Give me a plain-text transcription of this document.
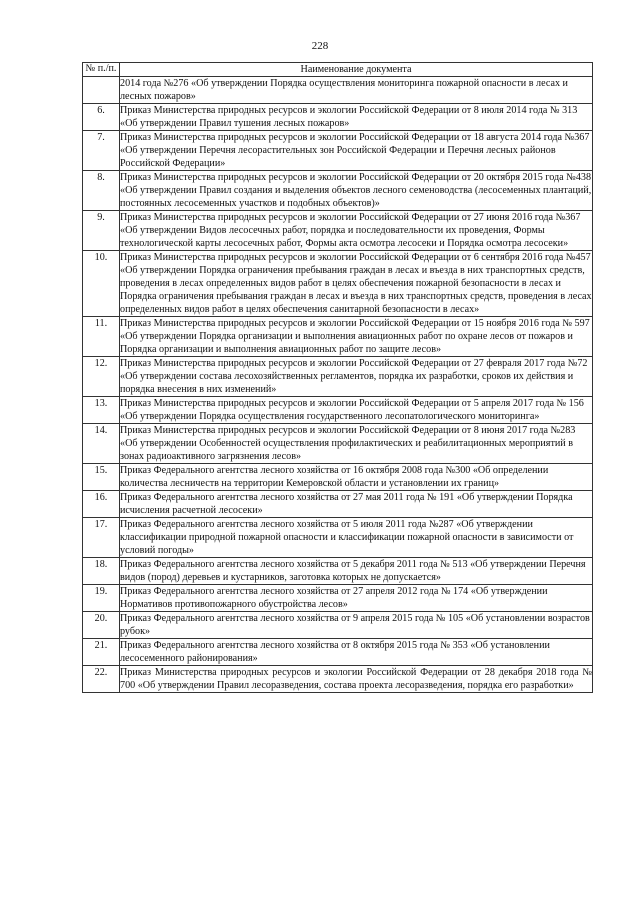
228
№ п./п.	Наименование документа
	2014 года №276 «Об утверждении Порядка осуществления мониторинга пожарной опасности в лесах и лесных пожаров»
6.	Приказ Министерства природных ресурсов и экологии Российской Федерации от 8 июля 2014 года № 313 «Об утверждении Правил тушения лесных пожаров»
7.	Приказ Министерства природных ресурсов и экологии Российской Федерации от 18 августа 2014 года №367 «Об утверждении Перечня лесорастительных зон Российской Федерации и Перечня лесных районов Российской Федерации»
8.	Приказ Министерства природных ресурсов и экологии Российской Федерации от 20 октября 2015 года №438 «Об утверждении Правил создания и выделения объектов лесного семеноводства (лесосеменных плантаций, постоянных лесосеменных участков и подобных объектов)»
9.	Приказ Министерства природных ресурсов и экологии Российской Федерации от 27 июня 2016 года №367 «Об утверждении Видов лесосечных работ, порядка и последовательности их проведения, Формы технологической карты лесосечных работ, Формы акта осмотра лесосеки и Порядка осмотра лесосеки»
10.	Приказ Министерства природных ресурсов и экологии Российской Федерации от 6 сентября 2016 года №457 «Об утверждении Порядка ограничения пребывания граждан в лесах и въезда в них транспортных средств, проведения в лесах определенных видов работ в целях обеспечения пожарной безопасности в лесах и Порядка ограничения пребывания граждан в лесах и въезда в них транспортных средств, проведения в лесах определенных видов работ в целях обеспечения санитарной безопасности в лесах»
11.	Приказ Министерства природных ресурсов и экологии Российской Федерации от 15 ноября 2016 года № 597 «Об утверждении Порядка организации и выполнения авиационных работ по охране лесов от пожаров и Порядка организации и выполнения авиационных работ по защите лесов»
12.	Приказ Министерства природных ресурсов и экологии Российской Федерации от 27 февраля 2017 года №72 «Об утверждении состава лесохозяйственных регламентов, порядка их разработки, сроков их действия и порядка внесения в них изменений»
13.	Приказ Министерства природных ресурсов и экологии Российской Федерации от 5 апреля 2017 года № 156 «Об утверждении Порядка осуществления государственного лесопатологического мониторинга»
14.	Приказ Министерства природных ресурсов и экологии Российской Федерации от 8 июня 2017 года №283 «Об утверждении Особенностей осуществления профилактических и реабилитационных мероприятий в зонах радиоактивного загрязнения лесов»
15.	Приказ Федерального агентства лесного хозяйства от 16 октября 2008 года №300 «Об определении количества лесничеств на территории Кемеровской области и установлении их границ»
16.	Приказ Федерального агентства лесного хозяйства от 27 мая 2011 года № 191 «Об утверждении Порядка исчисления расчетной лесосеки»
17.	Приказ Федерального агентства лесного хозяйства от 5 июля 2011 года №287 «Об утверждении классификации природной пожарной опасности и классификации пожарной опасности в зависимости от условий погоды»
18.	Приказ Федерального агентства лесного хозяйства от 5 декабря 2011 года № 513 «Об утверждении Перечня видов (пород) деревьев и кустарников, заготовка которых не допускается»
19.	Приказ Федерального агентства лесного хозяйства от 27 апреля 2012 года № 174 «Об утверждении Нормативов противопожарного обустройства лесов»
20.	Приказ Федерального агентства лесного хозяйства от 9 апреля 2015 года № 105 «Об установлении возрастов рубок»
21.	Приказ Федерального агентства лесного хозяйства от 8 октября 2015 года № 353 «Об установлении лесосеменного районирования»
22.	Приказ Министерства природных ресурсов и экологии Российской Федерации от 28 декабря 2018 года № 700 «Об утверждении Правил лесоразведения, состава проекта лесоразведения, порядка его разработки»
